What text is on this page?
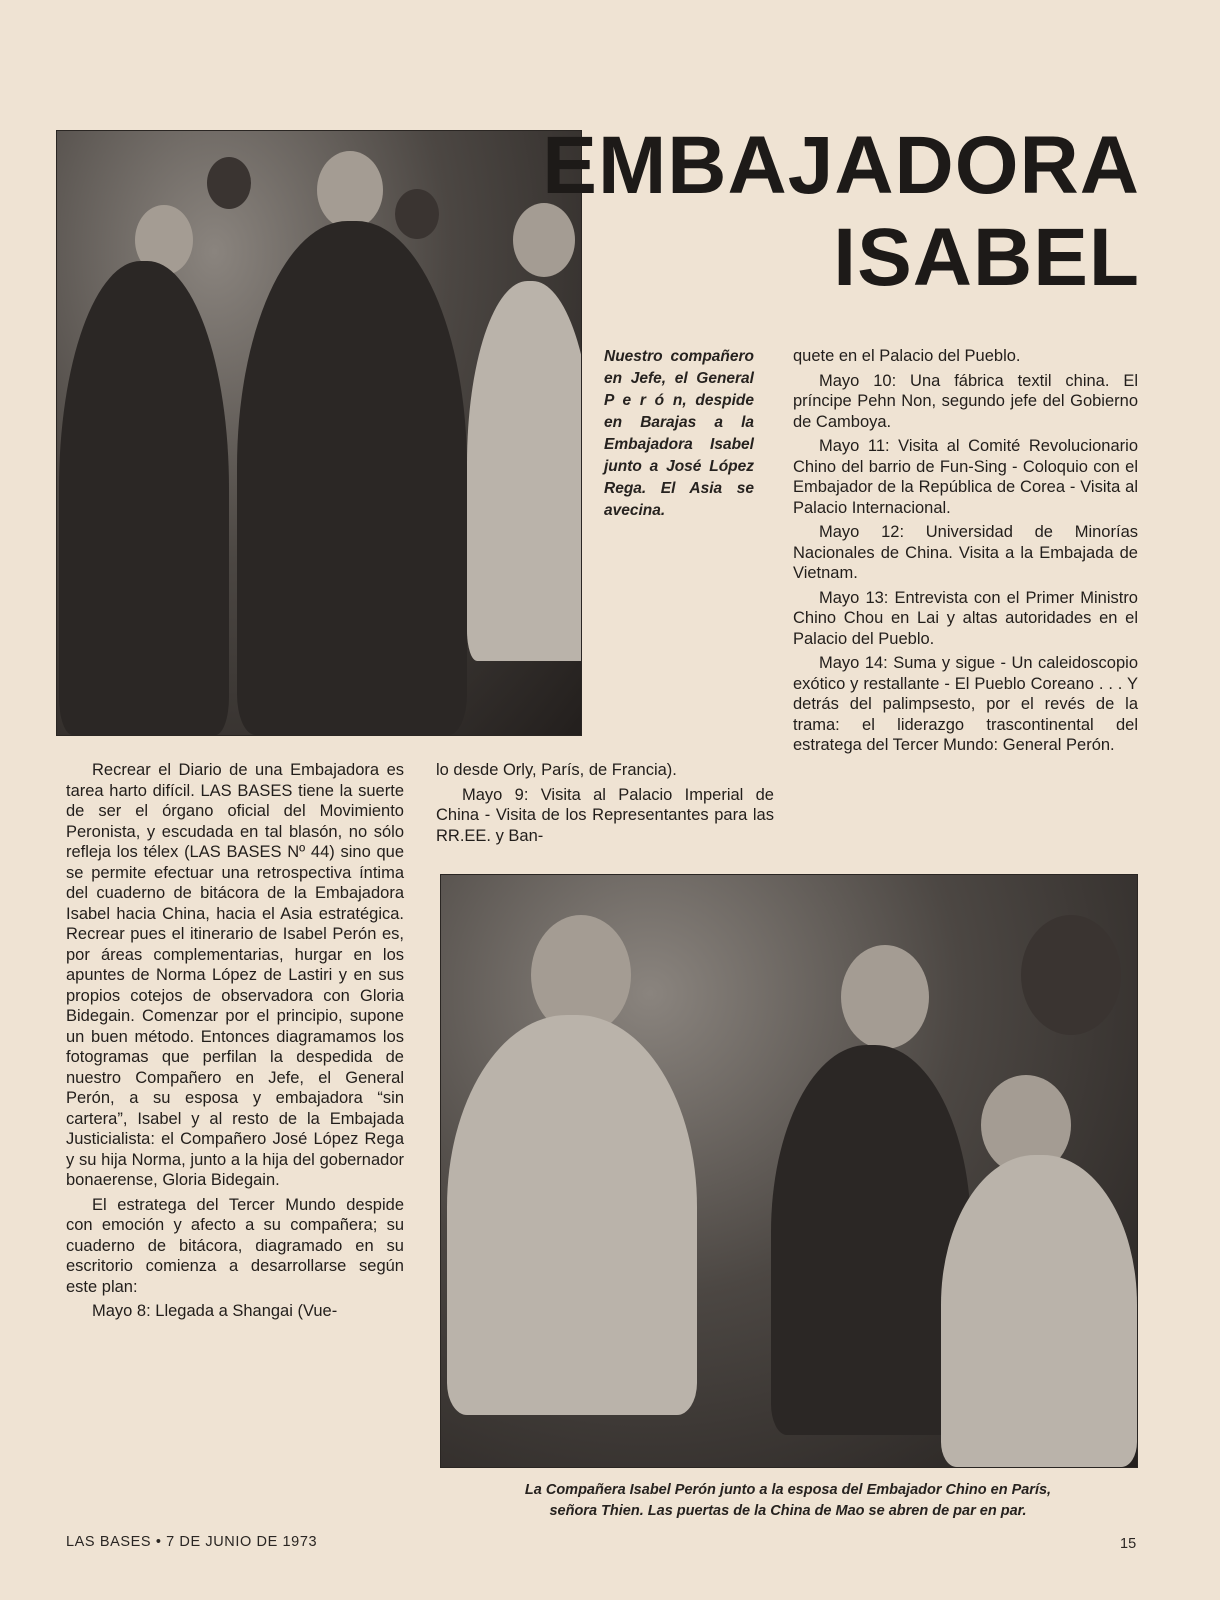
EMBAJADORA
ISABEL

Nuestro compañero en Jefe, el General P e r ó n, despide en Barajas a la Embajadora Isabel junto a José López Rega. El Asia se avecina.

quete en el Palacio del Pueblo.

Mayo 10: Una fábrica textil china. El príncipe Pehn Non, segundo jefe del Gobierno de Camboya.

Mayo 11: Visita al Comité Revolucionario Chino del barrio de Fun-Sing - Coloquio con el Embajador de la República de Corea - Visita al Palacio Internacional.

Mayo 12: Universidad de Minorías Nacionales de China. Visita a la Embajada de Vietnam.

Mayo 13: Entrevista con el Primer Ministro Chino Chou en Lai y altas autoridades en el Palacio del Pueblo.

Mayo 14: Suma y sigue - Un caleidoscopio exótico y restallante - El Pueblo Coreano . . . Y detrás del palimpsesto, por el revés de la trama: el liderazgo trascontinental del estratega del Tercer Mundo: General Perón.

lo desde Orly, París, de Francia).

Mayo 9: Visita al Palacio Imperial de China - Visita de los Representantes para las RR.EE. y Ban-

Recrear el Diario de una Embajadora es tarea harto difícil. LAS BASES tiene la suerte de ser el órgano oficial del Movimiento Peronista, y escudada en tal blasón, no sólo refleja los télex (LAS BASES Nº 44) sino que se permite efectuar una retrospectiva íntima del cuaderno de bitácora de la Embajadora Isabel hacia China, hacia el Asia estratégica. Recrear pues el itinerario de Isabel Perón es, por áreas complementarias, hurgar en los apuntes de Norma López de Lastiri y en sus propios cotejos de observadora con Gloria Bidegain. Comenzar por el principio, supone un buen método. Entonces diagramamos los fotogramas que perfilan la despedida de nuestro Compañero en Jefe, el General Perón, a su esposa y embajadora “sin cartera”, Isabel y al resto de la Embajada Justicialista: el Compañero José López Rega y su hija Norma, junto a la hija del gobernador bonaerense, Gloria Bidegain.

El estratega del Tercer Mundo despide con emoción y afecto a su compañera; su cuaderno de bitácora, diagramado en su escritorio comienza a desarrollarse según este plan:

Mayo 8: Llegada a Shangai (Vue-

La Compañera Isabel Perón junto a la esposa del Embajador Chino en París,
señora Thien. Las puertas de la China de Mao se abren de par en par.

LAS BASES • 7 DE JUNIO DE 1973	15
